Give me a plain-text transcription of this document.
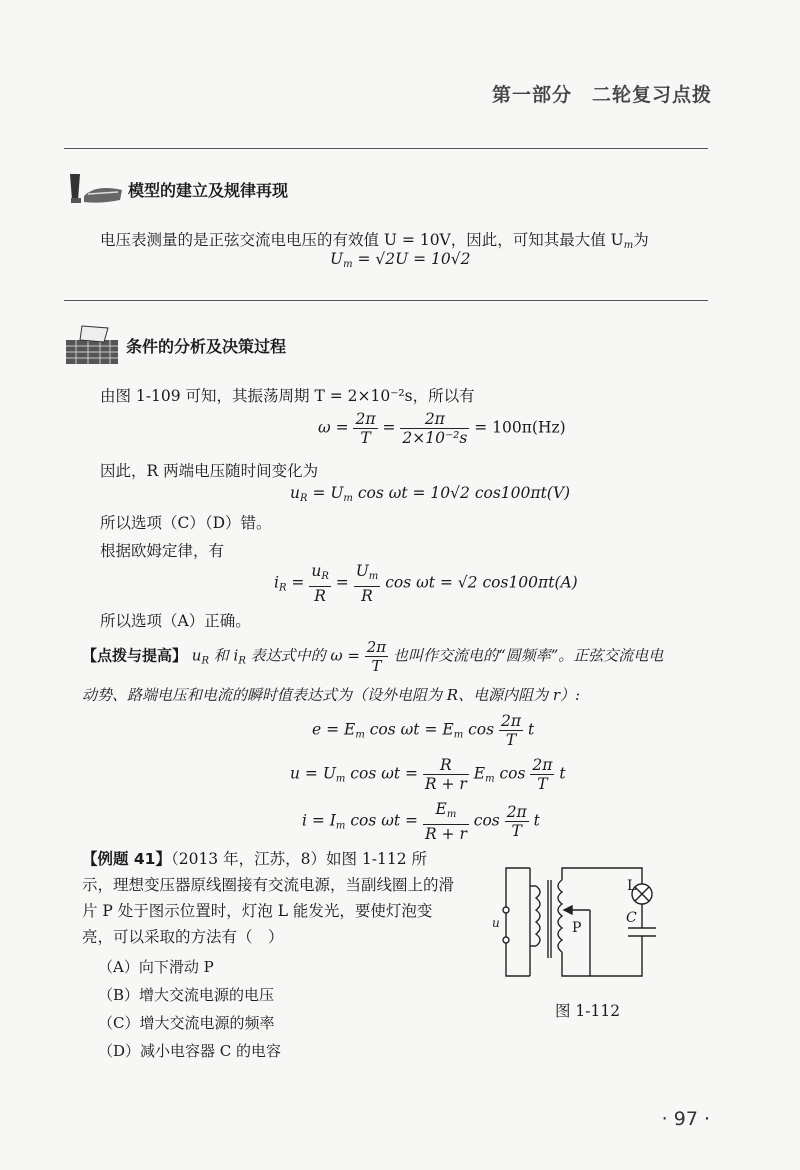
第一部分　二轮复习点拨
模型的建立及规律再现
电压表测量的是正弦交流电电压的有效值 U = 10V，因此，可知其最大值 $U_m$为
$U_m = √2U = 10√2$
条件的分析及决策过程
由图 1-109 可知，其振荡周期 T = 2×10⁻²s，所以有
$\omega = \frac{2\pi}{T} = \frac{2\pi}{\text{2×10⁻²s}} = 100\pi(Hz)$
因此，R 两端电压随时间变化为
$u_R = U_m$ cos ωt = 10√2 cos100πt(V)
所以选项（C）（D）错。
根据欧姆定律，有
$i_R = \frac{u_R}{R} = \frac{U_m}{R}$ cos ωt = √2 cos100πt(A)
所以选项（A）正确。
【点拨与提高】 $u_R$ 和 $i_R$ 表达式中的 $\omega = \frac{2\pi}{T}$ 也叫作交流电的“圆频率”。正弦交流电电
动势、路端电压和电流的瞬时值表达式为（设外电阻为 R、电源内阻为 r）:
$e = E_m$ $\cos \omega t = E_m$ $\cos \frac{2\pi}{T}$ t
$u = U_m$ $\cos \omega t = \frac{R}{R + r} E_m$ $\cos \frac{2\pi}{T}$ t
$i = I_m$ $\cos \omega t = \frac{E_m}{R + r}$ $\cos \frac{2\pi}{T}$ t
【例题 41】（2013 年，江苏，8）如图 1-112 所
示，理想变压器原线圈接有交流电源，当副线圈上的滑
片 P 处于图示位置时，灯泡 L 能发光，要使灯泡变
亮，可以采取的方法有（　）
（A）向下滑动 P
（B）增大交流电源的电压
（C）增大交流电源的频率
（D）减小电容器 C 的电容
L
C
P
u
图 1-112
· 97 ·
